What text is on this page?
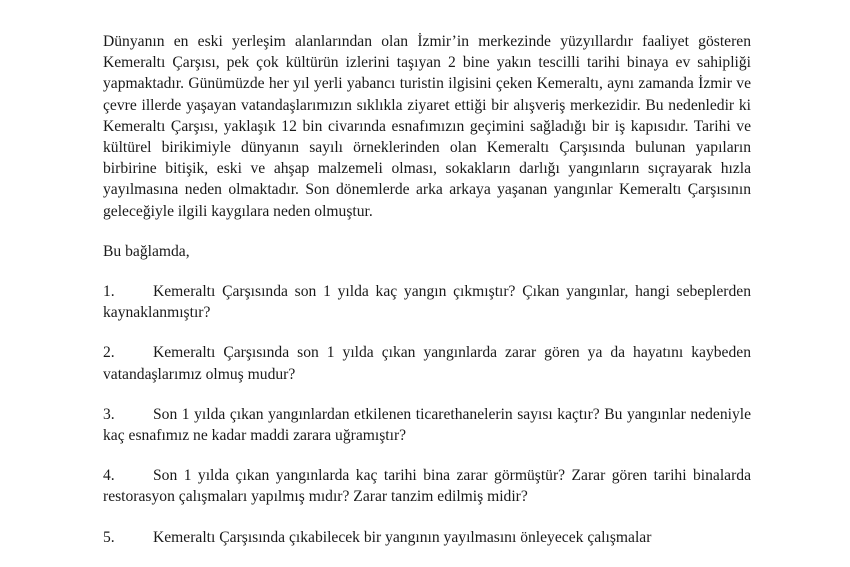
Dünyanın en eski yerleşim alanlarından olan İzmir’in merkezinde yüzyıllardır faaliyet gösteren Kemeraltı Çarşısı, pek çok kültürün izlerini taşıyan 2 bine yakın tescilli tarihi binaya ev sahipliği yapmaktadır. Günümüzde her yıl yerli yabancı turistin ilgisini çeken Kemeraltı, aynı zamanda İzmir ve çevre illerde yaşayan vatandaşlarımızın sıklıkla ziyaret ettiği bir alışveriş merkezidir. Bu nedenledir ki Kemeraltı Çarşısı, yaklaşık 12 bin civarında esnafımızın geçimini sağladığı bir iş kapısıdır. Tarihi ve kültürel birikimiyle dünyanın sayılı örneklerinden olan Kemeraltı Çarşısında bulunan yapıların birbirine bitişik, eski ve ahşap malzemeli olması, sokakların darlığı yangınların sıçrayarak hızla yayılmasına neden olmaktadır. Son dönemlerde arka arkaya yaşanan yangınlar Kemeraltı Çarşısının geleceğiyle ilgili kaygılara neden olmuştur.

Bu bağlamda,

1. Kemeraltı Çarşısında son 1 yılda kaç yangın çıkmıştır? Çıkan yangınlar, hangi sebeplerden kaynaklanmıştır?

2. Kemeraltı Çarşısında son 1 yılda çıkan yangınlarda zarar gören ya da hayatını kaybeden vatandaşlarımız olmuş mudur?

3. Son 1 yılda çıkan yangınlardan etkilenen ticarethanelerin sayısı kaçtır? Bu yangınlar nedeniyle kaç esnafımız ne kadar maddi zarara uğramıştır?

4. Son 1 yılda çıkan yangınlarda kaç tarihi bina zarar görmüştür? Zarar gören tarihi binalarda restorasyon çalışmaları yapılmış mıdır? Zarar tanzim edilmiş midir?

5. Kemeraltı Çarşısında çıkabilecek bir yangının yayılmasını önleyecek çalışmalar
